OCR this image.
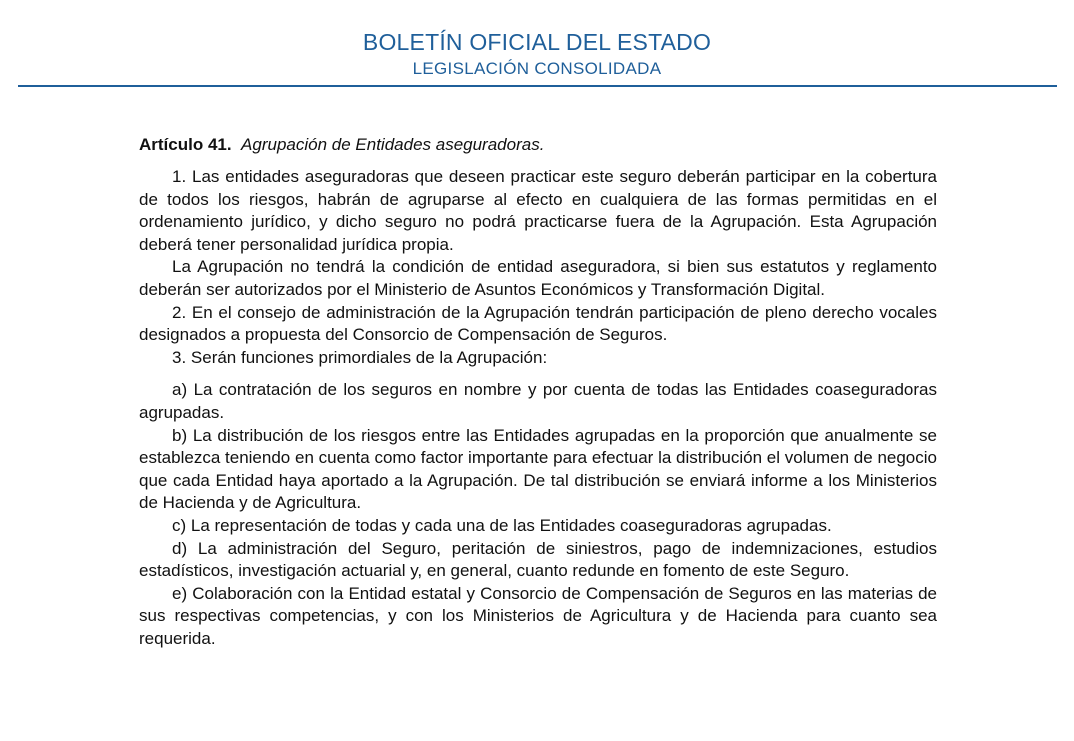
BOLETÍN OFICIAL DEL ESTADO
LEGISLACIÓN CONSOLIDADA
Artículo 41. Agrupación de Entidades aseguradoras.

1. Las entidades aseguradoras que deseen practicar este seguro deberán participar en la cobertura de todos los riesgos, habrán de agruparse al efecto en cualquiera de las formas permitidas en el ordenamiento jurídico, y dicho seguro no podrá practicarse fuera de la Agrupación. Esta Agrupación deberá tener personalidad jurídica propia.

La Agrupación no tendrá la condición de entidad aseguradora, si bien sus estatutos y reglamento deberán ser autorizados por el Ministerio de Asuntos Económicos y Transformación Digital.

2. En el consejo de administración de la Agrupación tendrán participación de pleno derecho vocales designados a propuesta del Consorcio de Compensación de Seguros.

3. Serán funciones primordiales de la Agrupación:

a) La contratación de los seguros en nombre y por cuenta de todas las Entidades coaseguradoras agrupadas.

b) La distribución de los riesgos entre las Entidades agrupadas en la proporción que anualmente se establezca teniendo en cuenta como factor importante para efectuar la distribución el volumen de negocio que cada Entidad haya aportado a la Agrupación. De tal distribución se enviará informe a los Ministerios de Hacienda y de Agricultura.

c) La representación de todas y cada una de las Entidades coaseguradoras agrupadas.

d) La administración del Seguro, peritación de siniestros, pago de indemnizaciones, estudios estadísticos, investigación actuarial y, en general, cuanto redunde en fomento de este Seguro.

e) Colaboración con la Entidad estatal y Consorcio de Compensación de Seguros en las materias de sus respectivas competencias, y con los Ministerios de Agricultura y de Hacienda para cuanto sea requerida.
